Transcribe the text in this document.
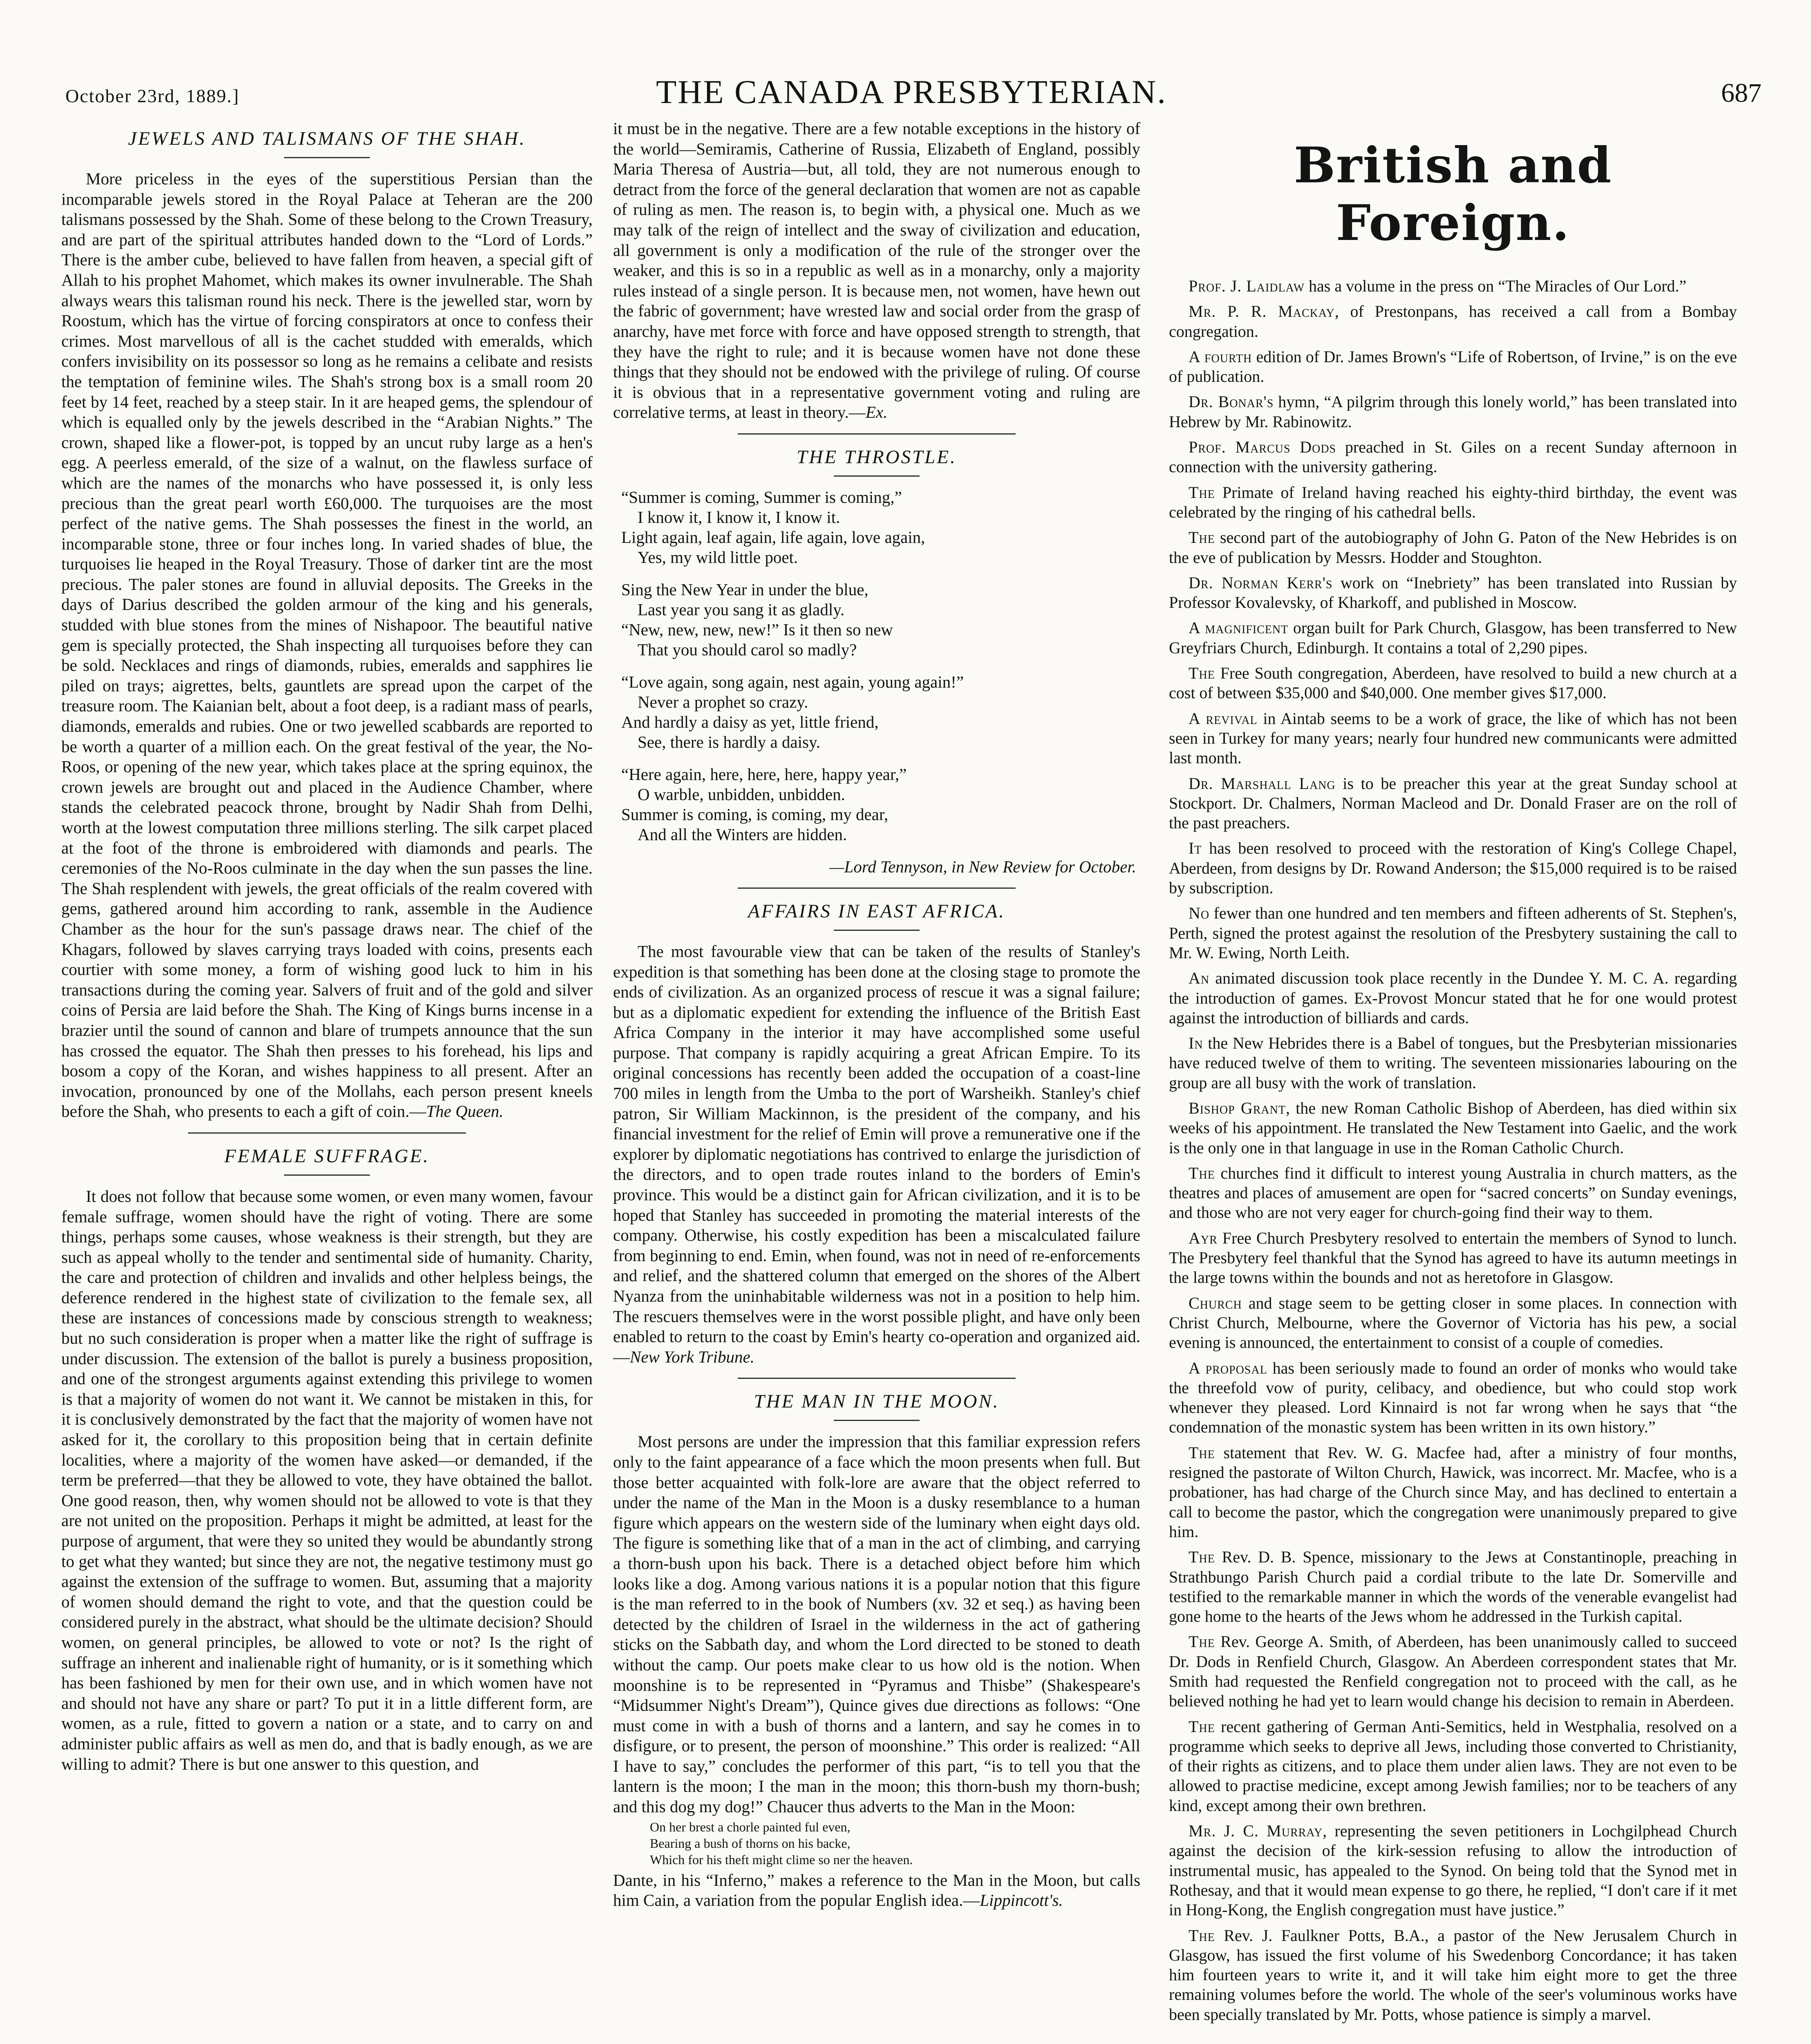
October 23rd, 1889.]	THE CANADA PRESBYTERIAN.	687
JEWELS AND TALISMANS OF THE SHAH.

More priceless in the eyes of the superstitious Persian than the incomparable jewels stored in the Royal Palace at Teheran are the 200 talismans possessed by the Shah. Some of these belong to the Crown Treasury, and are part of the spiritual attributes handed down to the “Lord of Lords.” There is the amber cube, believed to have fallen from heaven, a special gift of Allah to his prophet Mahomet, which makes its owner invulnerable. The Shah always wears this talisman round his neck. There is the jewelled star, worn by Roostum, which has the virtue of forcing conspirators at once to confess their crimes. Most marvellous of all is the cachet studded with emeralds, which confers invisibility on its possessor so long as he remains a celibate and resists the temptation of feminine wiles. The Shah's strong box is a small room 20 feet by 14 feet, reached by a steep stair. In it are heaped gems, the splendour of which is equalled only by the jewels described in the “Arabian Nights.” The crown, shaped like a flower-pot, is topped by an uncut ruby large as a hen's egg. A peerless emerald, of the size of a walnut, on the flawless surface of which are the names of the monarchs who have possessed it, is only less precious than the great pearl worth £60,000. The turquoises are the most perfect of the native gems. The Shah possesses the finest in the world, an incomparable stone, three or four inches long. In varied shades of blue, the turquoises lie heaped in the Royal Treasury. Those of darker tint are the most precious. The paler stones are found in alluvial deposits. The Greeks in the days of Darius described the golden armour of the king and his generals, studded with blue stones from the mines of Nishapoor. The beautiful native gem is specially protected, the Shah inspecting all turquoises before they can be sold. Necklaces and rings of diamonds, rubies, emeralds and sapphires lie piled on trays; aigrettes, belts, gauntlets are spread upon the carpet of the treasure room. The Kaianian belt, about a foot deep, is a radiant mass of pearls, diamonds, emeralds and rubies. One or two jewelled scabbards are reported to be worth a quarter of a million each. On the great festival of the year, the No-Roos, or opening of the new year, which takes place at the spring equinox, the crown jewels are brought out and placed in the Audience Chamber, where stands the celebrated peacock throne, brought by Nadir Shah from Delhi, worth at the lowest computation three millions sterling. The silk carpet placed at the foot of the throne is embroidered with diamonds and pearls. The ceremonies of the No-Roos culminate in the day when the sun passes the line. The Shah resplendent with jewels, the great officials of the realm covered with gems, gathered around him according to rank, assemble in the Audience Chamber as the hour for the sun's passage draws near. The chief of the Khagars, followed by slaves carrying trays loaded with coins, presents each courtier with some money, a form of wishing good luck to him in his transactions during the coming year. Salvers of fruit and of the gold and silver coins of Persia are laid before the Shah. The King of Kings burns incense in a brazier until the sound of cannon and blare of trumpets announce that the sun has crossed the equator. The Shah then presses to his forehead, his lips and bosom a copy of the Koran, and wishes happiness to all present. After an invocation, pronounced by one of the Mollahs, each person present kneels before the Shah, who presents to each a gift of coin.—The Queen.

FEMALE SUFFRAGE.

It does not follow that because some women, or even many women, favour female suffrage, women should have the right of voting. There are some things, perhaps some causes, whose weakness is their strength, but they are such as appeal wholly to the tender and sentimental side of humanity. Charity, the care and protection of children and invalids and other helpless beings, the deference rendered in the highest state of civilization to the female sex, all these are instances of concessions made by conscious strength to weakness; but no such consideration is proper when a matter like the right of suffrage is under discussion. The extension of the ballot is purely a business proposition, and one of the strongest arguments against extending this privilege to women is that a majority of women do not want it. We cannot be mistaken in this, for it is conclusively demonstrated by the fact that the majority of women have not asked for it, the corollary to this proposition being that in certain definite localities, where a majority of the women have asked—or demanded, if the term be preferred—that they be allowed to vote, they have obtained the ballot. One good reason, then, why women should not be allowed to vote is that they are not united on the proposition. Perhaps it might be admitted, at least for the purpose of argument, that were they so united they would be abundantly strong to get what they wanted; but since they are not, the negative testimony must go against the extension of the suffrage to women. But, assuming that a majority of women should demand the right to vote, and that the question could be considered purely in the abstract, what should be the ultimate decision? Should women, on general principles, be allowed to vote or not? Is the right of suffrage an inherent and inalienable right of humanity, or is it something which has been fashioned by men for their own use, and in which women have not and should not have any share or part? To put it in a little different form, are women, as a rule, fitted to govern a nation or a state, and to carry on and administer public affairs as well as men do, and that is badly enough, as we are willing to admit? There is but one answer to this question, and

it must be in the negative. There are a few notable exceptions in the history of the world—Semiramis, Catherine of Russia, Elizabeth of England, possibly Maria Theresa of Austria—but, all told, they are not numerous enough to detract from the force of the general declaration that women are not as capable of ruling as men. The reason is, to begin with, a physical one. Much as we may talk of the reign of intellect and the sway of civilization and education, all government is only a modification of the rule of the stronger over the weaker, and this is so in a republic as well as in a monarchy, only a majority rules instead of a single person. It is because men, not women, have hewn out the fabric of government; have wrested law and social order from the grasp of anarchy, have met force with force and have opposed strength to strength, that they have the right to rule; and it is because women have not done these things that they should not be endowed with the privilege of ruling. Of course it is obvious that in a representative government voting and ruling are correlative terms, at least in theory.—Ex.

THE THROSTLE.
“Summer is coming, Summer is coming,”
I know it, I know it, I know it.
Light again, leaf again, life again, love again,
Yes, my wild little poet.
Sing the New Year in under the blue,
Last year you sang it as gladly.
“New, new, new, new!” Is it then so new
That you should carol so madly?
“Love again, song again, nest again, young again!”
Never a prophet so crazy.
And hardly a daisy as yet, little friend,
See, there is hardly a daisy.
“Here again, here, here, here, happy year,”
O warble, unbidden, unbidden.
Summer is coming, is coming, my dear,
And all the Winters are hidden.
—Lord Tennyson, in New Review for October.
AFFAIRS IN EAST AFRICA.

The most favourable view that can be taken of the results of Stanley's expedition is that something has been done at the closing stage to promote the ends of civilization. As an organized process of rescue it was a signal failure; but as a diplomatic expedient for extending the influence of the British East Africa Company in the interior it may have accomplished some useful purpose. That company is rapidly acquiring a great African Empire. To its original concessions has recently been added the occupation of a coast-line 700 miles in length from the Umba to the port of Warsheikh. Stanley's chief patron, Sir William Mackinnon, is the president of the company, and his financial investment for the relief of Emin will prove a remunerative one if the explorer by diplomatic negotiations has contrived to enlarge the jurisdiction of the directors, and to open trade routes inland to the borders of Emin's province. This would be a distinct gain for African civilization, and it is to be hoped that Stanley has succeeded in promoting the material interests of the company. Otherwise, his costly expedition has been a miscalculated failure from beginning to end. Emin, when found, was not in need of re-enforcements and relief, and the shattered column that emerged on the shores of the Albert Nyanza from the uninhabitable wilderness was not in a position to help him. The rescuers themselves were in the worst possible plight, and have only been enabled to return to the coast by Emin's hearty co-operation and organized aid.—New York Tribune.

THE MAN IN THE MOON.

Most persons are under the impression that this familiar expression refers only to the faint appearance of a face which the moon presents when full. But those better acquainted with folk-lore are aware that the object referred to under the name of the Man in the Moon is a dusky resemblance to a human figure which appears on the western side of the luminary when eight days old. The figure is something like that of a man in the act of climbing, and carrying a thorn-bush upon his back. There is a detached object before him which looks like a dog. Among various nations it is a popular notion that this figure is the man referred to in the book of Numbers (xv. 32 et seq.) as having been detected by the children of Israel in the wilderness in the act of gathering sticks on the Sabbath day, and whom the Lord directed to be stoned to death without the camp. Our poets make clear to us how old is the notion. When moonshine is to be represented in “Pyramus and Thisbe” (Shakespeare's “Midsummer Night's Dream”), Quince gives due directions as follows: “One must come in with a bush of thorns and a lantern, and say he comes in to disfigure, or to present, the person of moonshine.” This order is realized: “All I have to say,” concludes the performer of this part, “is to tell you that the lantern is the moon; I the man in the moon; this thorn-bush my thorn-bush; and this dog my dog!” Chaucer thus adverts to the Man in the Moon:

On her brest a chorle painted ful even,
Bearing a bush of thorns on his backe,
Which for his theft might clime so ner the heaven.

Dante, in his “Inferno,” makes a reference to the Man in the Moon, but calls him Cain, a variation from the popular English idea.—Lippincott's.

British and Foreign.

Prof. J. Laidlaw has a volume in the press on “The Miracles of Our Lord.”

Mr. P. R. Mackay, of Prestonpans, has received a call from a Bombay congregation.

A fourth edition of Dr. James Brown's “Life of Robertson, of Irvine,” is on the eve of publication.

Dr. Bonar's hymn, “A pilgrim through this lonely world,” has been translated into Hebrew by Mr. Rabinowitz.

Prof. Marcus Dods preached in St. Giles on a recent Sunday afternoon in connection with the university gathering.

The Primate of Ireland having reached his eighty-third birthday, the event was celebrated by the ringing of his cathedral bells.

The second part of the autobiography of John G. Paton of the New Hebrides is on the eve of publication by Messrs. Hodder and Stoughton.

Dr. Norman Kerr's work on “Inebriety” has been translated into Russian by Professor Kovalevsky, of Kharkoff, and published in Moscow.

A magnificent organ built for Park Church, Glasgow, has been transferred to New Greyfriars Church, Edinburgh. It contains a total of 2,290 pipes.

The Free South congregation, Aberdeen, have resolved to build a new church at a cost of between $35,000 and $40,000. One member gives $17,000.

A revival in Aintab seems to be a work of grace, the like of which has not been seen in Turkey for many years; nearly four hundred new communicants were admitted last month.

Dr. Marshall Lang is to be preacher this year at the great Sunday school at Stockport. Dr. Chalmers, Norman Macleod and Dr. Donald Fraser are on the roll of the past preachers.

It has been resolved to proceed with the restoration of King's College Chapel, Aberdeen, from designs by Dr. Rowand Anderson; the $15,000 required is to be raised by subscription.

No fewer than one hundred and ten members and fifteen adherents of St. Stephen's, Perth, signed the protest against the resolution of the Presbytery sustaining the call to Mr. W. Ewing, North Leith.

An animated discussion took place recently in the Dundee Y. M. C. A. regarding the introduction of games. Ex-Provost Moncur stated that he for one would protest against the introduction of billiards and cards.

In the New Hebrides there is a Babel of tongues, but the Presbyterian missionaries have reduced twelve of them to writing. The seventeen missionaries labouring on the group are all busy with the work of translation.

Bishop Grant, the new Roman Catholic Bishop of Aberdeen, has died within six weeks of his appointment. He translated the New Testament into Gaelic, and the work is the only one in that language in use in the Roman Catholic Church.

The churches find it difficult to interest young Australia in church matters, as the theatres and places of amusement are open for “sacred concerts” on Sunday evenings, and those who are not very eager for church-going find their way to them.

Ayr Free Church Presbytery resolved to entertain the members of Synod to lunch. The Presbytery feel thankful that the Synod has agreed to have its autumn meetings in the large towns within the bounds and not as heretofore in Glasgow.

Church and stage seem to be getting closer in some places. In connection with Christ Church, Melbourne, where the Governor of Victoria has his pew, a social evening is announced, the entertainment to consist of a couple of comedies.

A proposal has been seriously made to found an order of monks who would take the threefold vow of purity, celibacy, and obedience, but who could stop work whenever they pleased. Lord Kinnaird is not far wrong when he says that “the condemnation of the monastic system has been written in its own history.”

The statement that Rev. W. G. Macfee had, after a ministry of four months, resigned the pastorate of Wilton Church, Hawick, was incorrect. Mr. Macfee, who is a probationer, has had charge of the Church since May, and has declined to entertain a call to become the pastor, which the congregation were unanimously prepared to give him.

The Rev. D. B. Spence, missionary to the Jews at Constantinople, preaching in Strathbungo Parish Church paid a cordial tribute to the late Dr. Somerville and testified to the remarkable manner in which the words of the venerable evangelist had gone home to the hearts of the Jews whom he addressed in the Turkish capital.

The Rev. George A. Smith, of Aberdeen, has been unanimously called to succeed Dr. Dods in Renfield Church, Glasgow. An Aberdeen correspondent states that Mr. Smith had requested the Renfield congregation not to proceed with the call, as he believed nothing he had yet to learn would change his decision to remain in Aberdeen.

The recent gathering of German Anti-Semitics, held in Westphalia, resolved on a programme which seeks to deprive all Jews, including those converted to Christianity, of their rights as citizens, and to place them under alien laws. They are not even to be allowed to practise medicine, except among Jewish families; nor to be teachers of any kind, except among their own brethren.

Mr. J. C. Murray, representing the seven petitioners in Lochgilphead Church against the decision of the kirk-session refusing to allow the introduction of instrumental music, has appealed to the Synod. On being told that the Synod met in Rothesay, and that it would mean expense to go there, he replied, “I don't care if it met in Hong-Kong, the English congregation must have justice.”

The Rev. J. Faulkner Potts, B.A., a pastor of the New Jerusalem Church in Glasgow, has issued the first volume of his Swedenborg Concordance; it has taken him fourteen years to write it, and it will take him eight more to get the three remaining volumes before the world. The whole of the seer's voluminous works have been specially translated by Mr. Potts, whose patience is simply a marvel.
